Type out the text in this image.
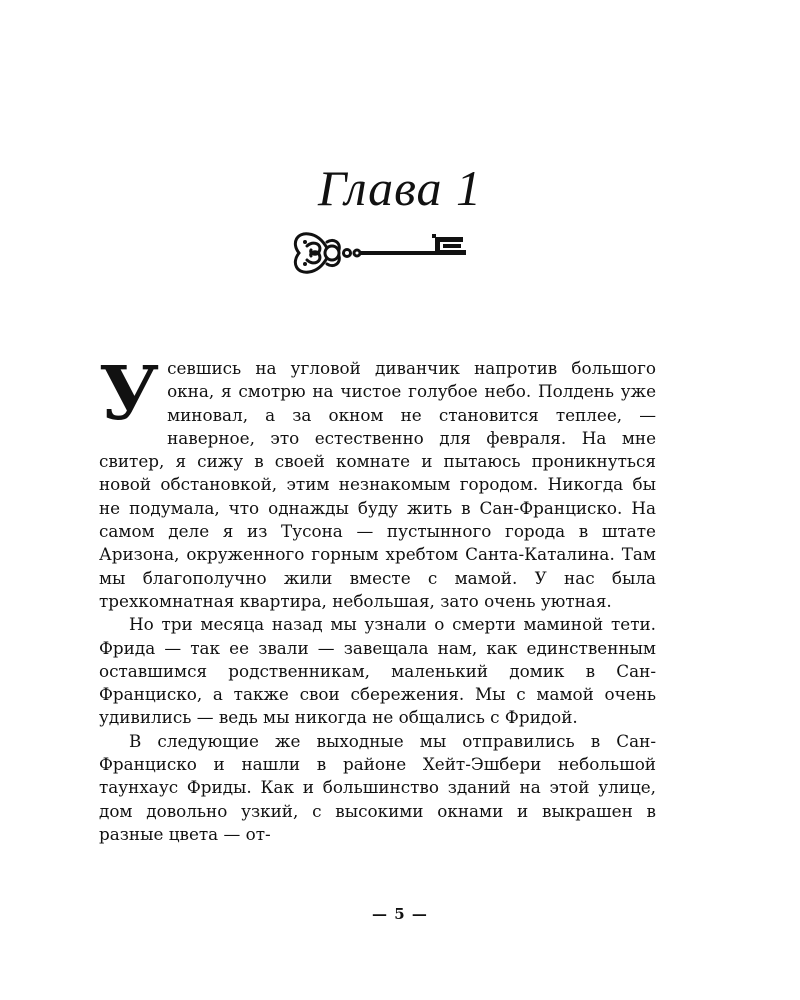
Глава 1

Усевшись на угловой диванчик напротив большого окна, я смотрю на чистое голубое небо. Полдень уже миновал, а за окном не становится теплее, — наверное, это естественно для февраля. На мне свитер, я сижу в своей комнате и пытаюсь проникнуться новой обстановкой, этим незнакомым городом. Никогда бы не подумала, что однажды буду жить в Сан-Франциско. На самом деле я из Тусона — пустынного города в штате Аризона, окруженного горным хребтом Санта-Каталина. Там мы благополучно жили вместе с мамой. У нас была трехкомнатная квартира, небольшая, зато очень уютная.

Но три месяца назад мы узнали о смерти маминой тети. Фрида — так ее звали — завещала нам, как единственным оставшимся родственникам, маленький домик в Сан-Франциско, а также свои сбережения. Мы с мамой очень удивились — ведь мы никогда не общались с Фридой.

В следующие же выходные мы отправились в Сан-Франциско и нашли в районе Хейт-Эшбери небольшой таунхаус Фриды. Как и большинство зданий на этой улице, дом довольно узкий, с высокими окнами и выкрашен в разные цвета — от-

— 5 —
